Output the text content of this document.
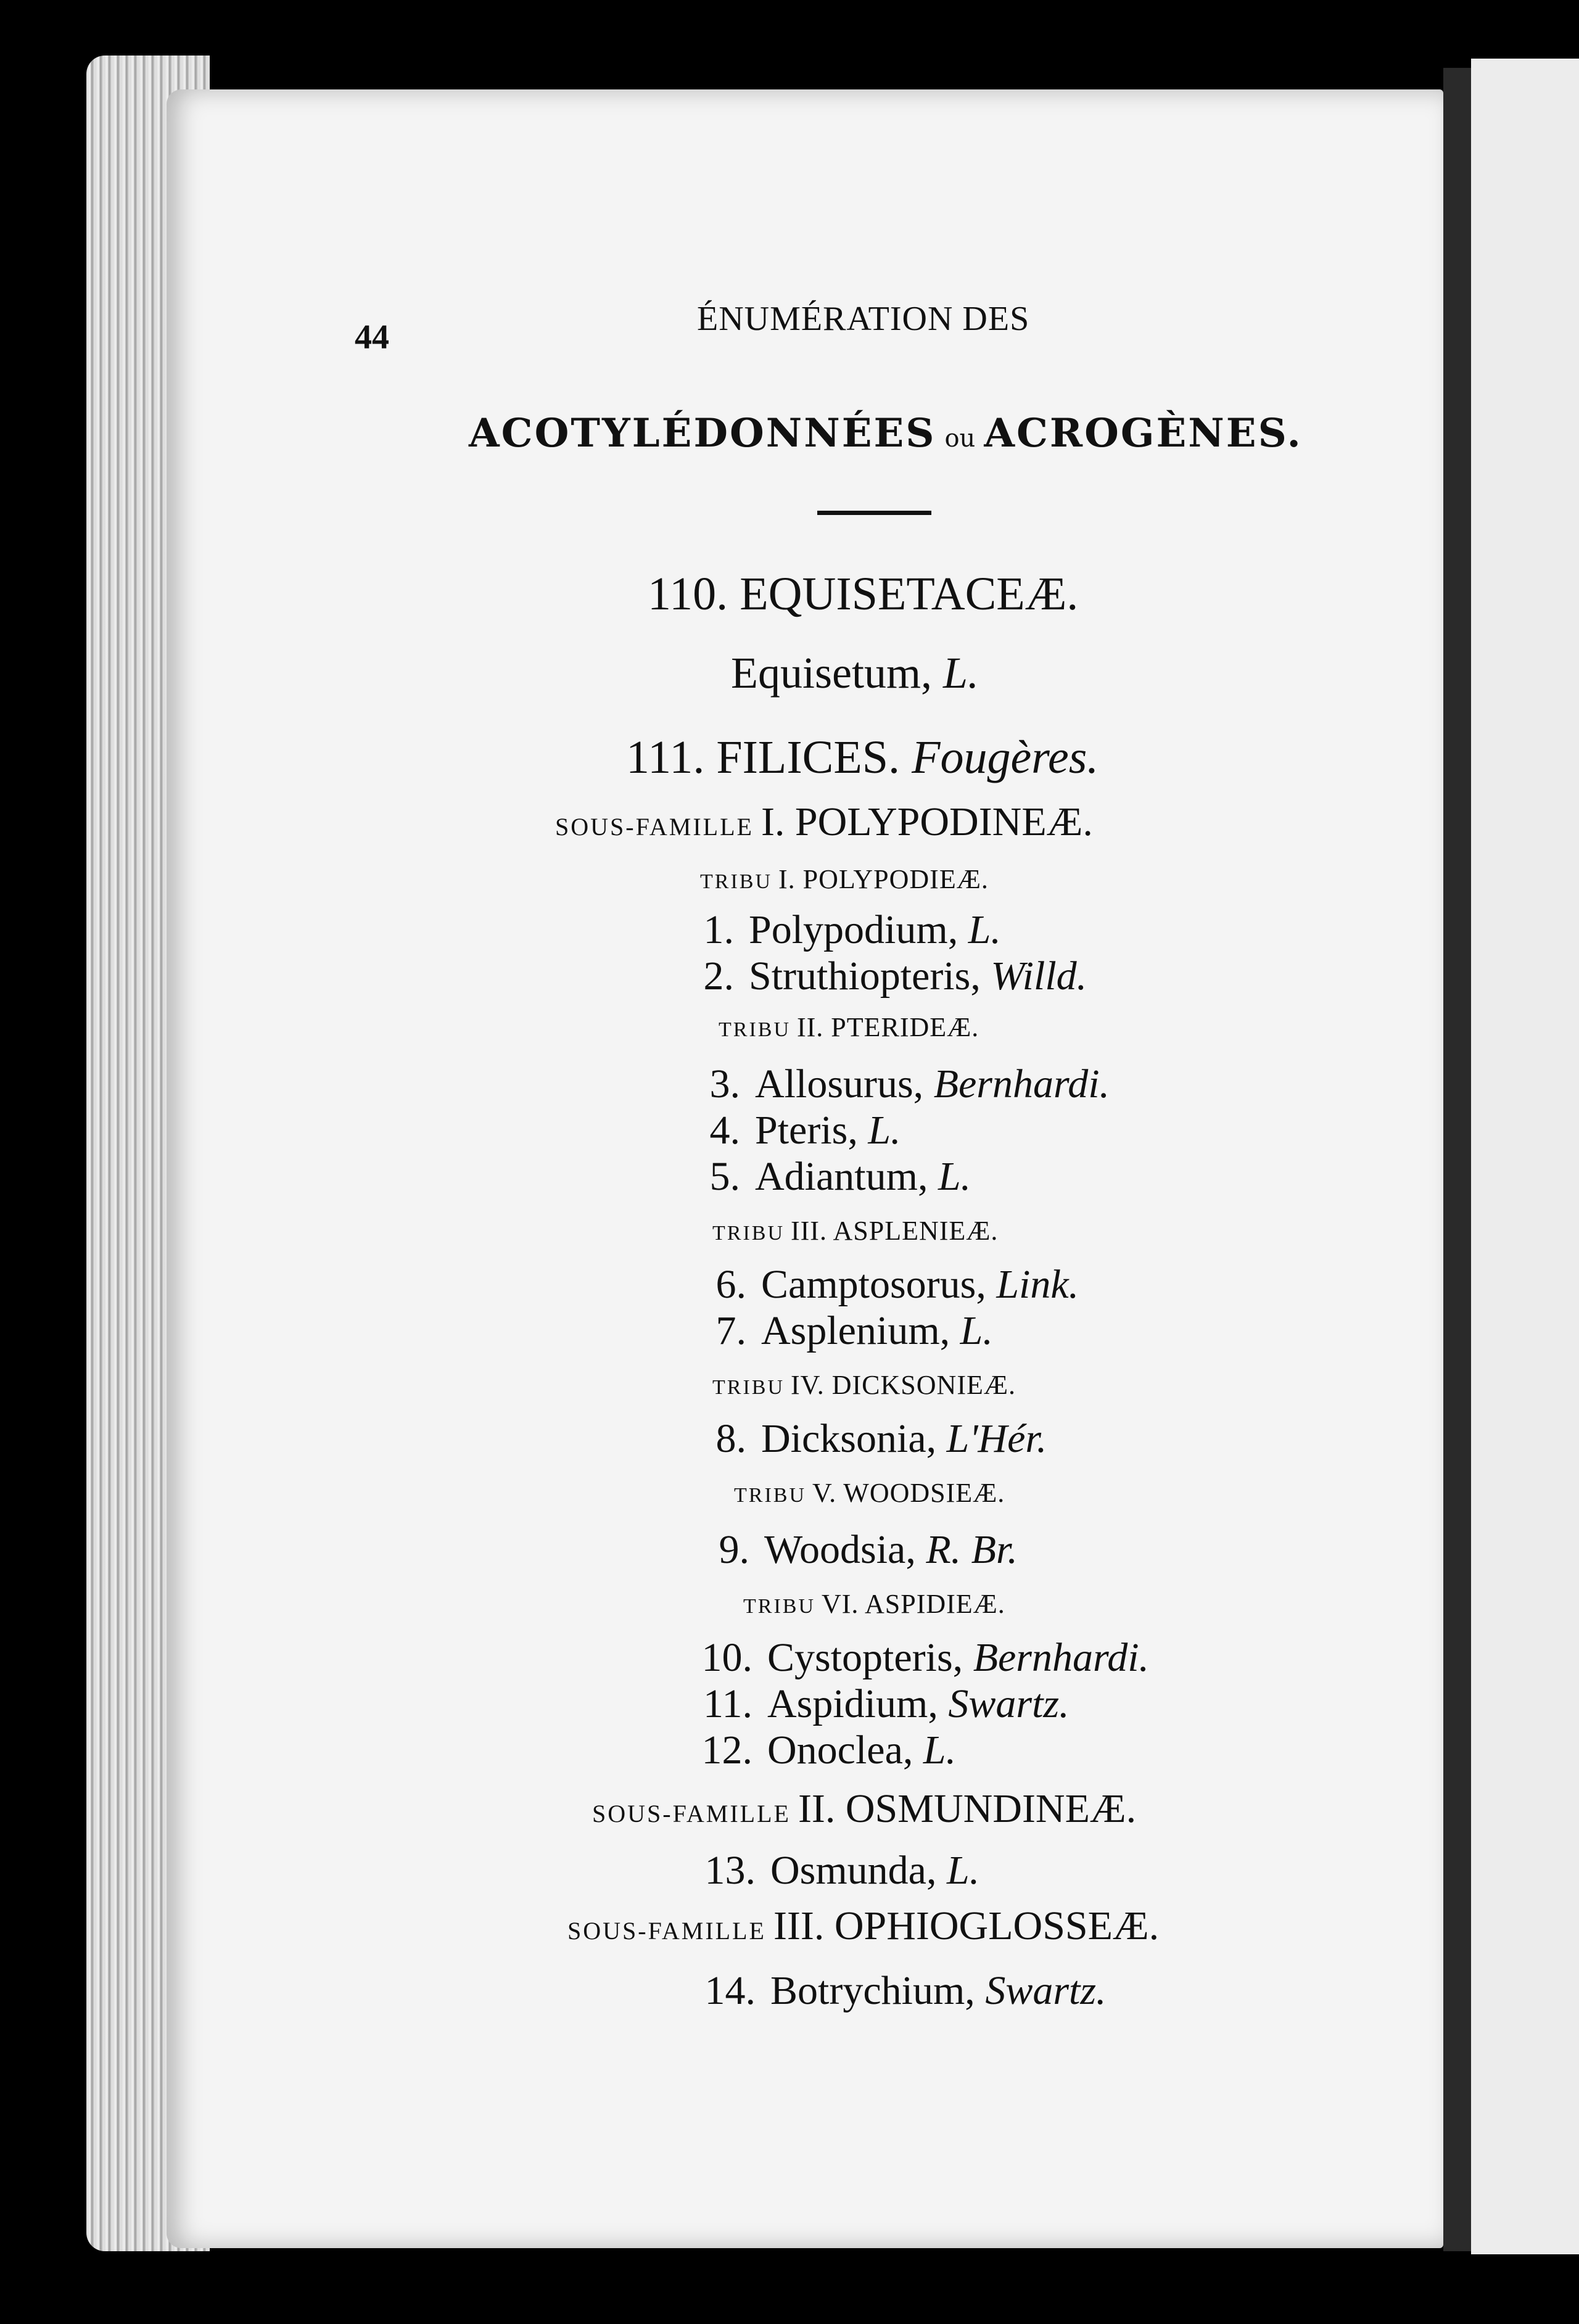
44	ÉNUMÉRATION DES
ACOTYLÉDONNÉES ou ACROGÈNES.
110. EQUISETACEÆ.
Equisetum, L.
111. FILICES. Fougères.
SOUS-FAMILLE I. POLYPODINEÆ.
TRIBU I. POLYPODIEÆ.
1. Polypodium, L.
2. Struthiopteris, Willd.
TRIBU II. PTERIDEÆ.
3. Allosurus, Bernhardi.
4. Pteris, L.
5. Adiantum, L.
TRIBU III. ASPLENIEÆ.
6. Camptosorus, Link.
7. Asplenium, L.
TRIBU IV. DICKSONIEÆ.
8. Dicksonia, L'Hér.
TRIBU V. WOODSIEÆ.
9. Woodsia, R. Br.
TRIBU VI. ASPIDIEÆ.
10. Cystopteris, Bernhardi.
11. Aspidium, Swartz.
12. Onoclea, L.
SOUS-FAMILLE II. OSMUNDINEÆ.
13. Osmunda, L.
SOUS-FAMILLE III. OPHIOGLOSSEÆ.
14. Botrychium, Swartz.
